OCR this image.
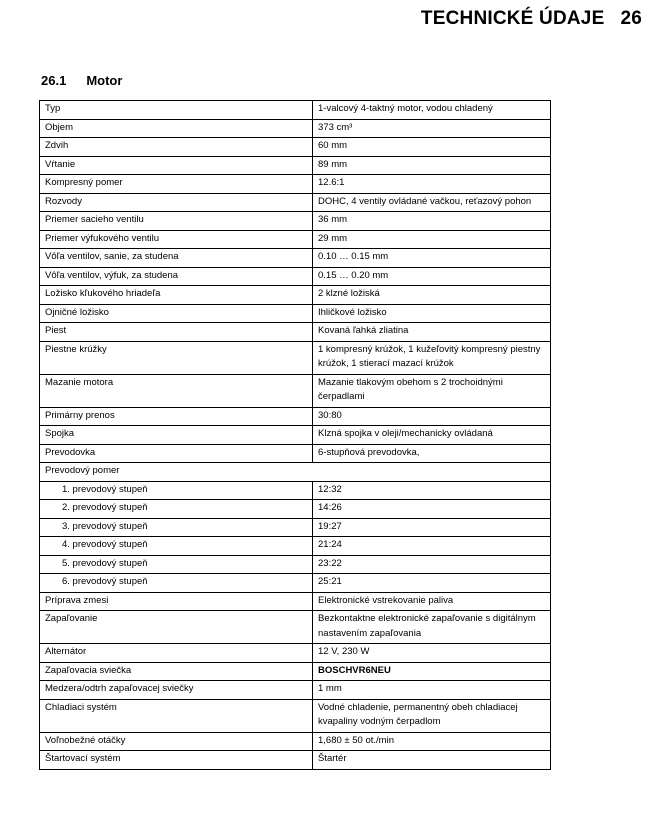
TECHNICKÉ ÚDAJE 26
26.1 Motor
Typ	1-valcový 4-taktný motor, vodou chladený
Objem	373 cm³
Zdvih	60 mm
Vŕtanie	89 mm
Kompresný pomer	12.6:1
Rozvody	DOHC, 4 ventily ovládané vačkou, reťazový pohon
Priemer sacieho ventilu	36 mm
Priemer výfukového ventilu	29 mm
Vôľa ventilov, sanie, za studena	0.10 … 0.15 mm
Vôľa ventilov, výfuk, za studena	0.15 … 0.20 mm
Ložisko kľukového hriadeľa	2 klzné ložiská
Ojničné ložisko	Ihličkové ložisko
Piest	Kovaná ľahká zliatina
Piestne krúžky	1 kompresný krúžok, 1 kužeľovitý kompresný piestny krúžok, 1 stierací mazací krúžok
Mazanie motora	Mazanie tlakovým obehom s 2 trochoidnými čerpadlami
Primárny prenos	30:80
Spojka	Klzná spojka v oleji/mechanicky ovládaná
Prevodovka	6-stupňová prevodovka,
Prevodový pomer	
1. prevodový stupeň	12:32
2. prevodový stupeň	14:26
3. prevodový stupeň	19:27
4. prevodový stupeň	21:24
5. prevodový stupeň	23:22
6. prevodový stupeň	25:21
Príprava zmesi	Elektronické vstrekovanie paliva
Zapaľovanie	Bezkontaktne elektronické zapaľovanie s digitálnym nastavením zapaľovania
Alternátor	12 V, 230 W
Zapaľovacia sviečka	BOSCHVR6NEU
Medzera/odtrh zapaľovacej sviečky	1 mm
Chladiaci systém	Vodné chladenie, permanentný obeh chladiacej kvapaliny vodným čerpadlom
Voľnobežné otáčky	1,680 ± 50 ot./min
Štartovací systém	Štartér
